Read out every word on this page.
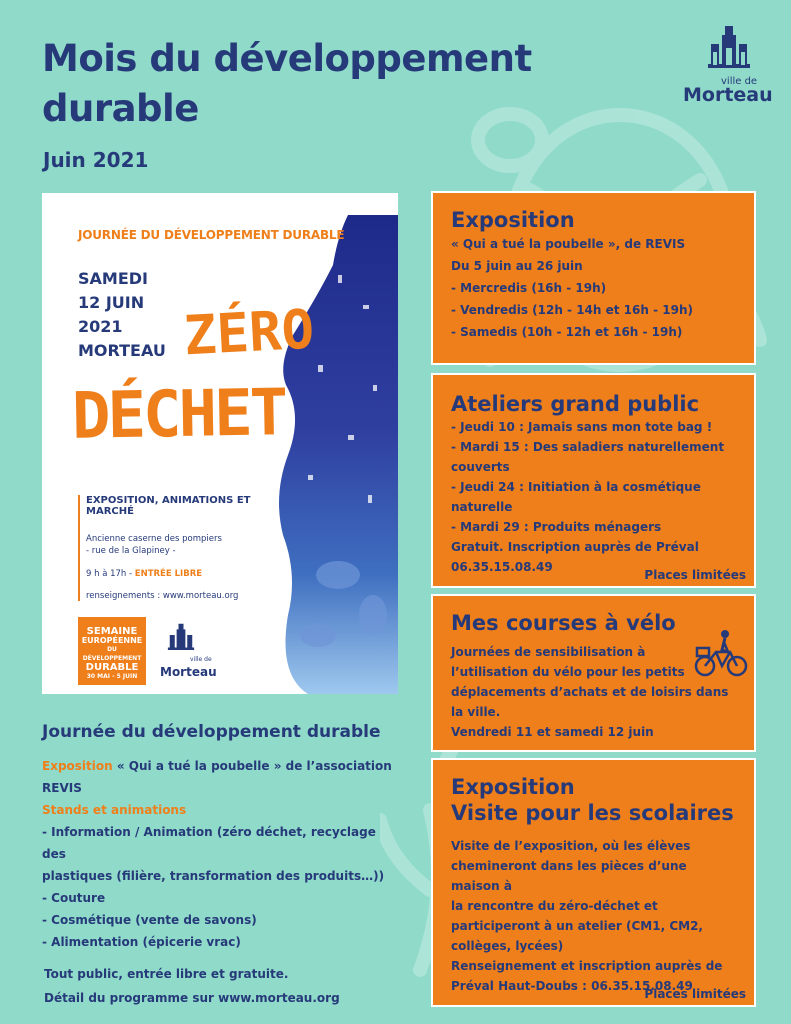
Mois du développement durable
Juin 2021
ville de
Morteau
JOURNÉE DU DÉVELOPPEMENT DURABLE
SAMEDI
12 JUIN
2021
MORTEAU ZÉRO
DÉCHET
EXPOSITION, ANIMATIONS ET MARCHÉ
Ancienne caserne des pompiers
- rue de la Glapiney -
9 h à 17h - ENTRÉE LIBRE
renseignements : www.morteau.org
SEMAINE
EUROPÉENNE
DU DÉVELOPPEMENT
DURABLE
30 MAI - 5 JUIN
ville de
Morteau
Journée du développement durable
Exposition « Qui a tué la poubelle » de l’association
REVIS
Stands et animations
- Information / Animation (zéro déchet, recyclage des
plastiques (filière, transformation des produits…))
- Couture
- Cosmétique (vente de savons)
- Alimentation (épicerie vrac)
Tout public, entrée libre et gratuite.
Détail du programme sur www.morteau.org
Exposition
« Qui a tué la poubelle », de REVIS
Du 5 juin au 26 juin
- Mercredis (16h - 19h)
- Vendredis (12h - 14h et 16h - 19h)
- Samedis (10h - 12h et 16h - 19h)
Ateliers grand public
- Jeudi 10 : Jamais sans mon tote bag !
- Mardi 15 : Des saladiers naturellement
couverts
- Jeudi 24 : Initiation à la cosmétique
naturelle
- Mardi 29 : Produits ménagers
Gratuit. Inscription auprès de Préval
06.35.15.08.49
Places limitées
Mes courses à vélo
Journées de sensibilisation à
l’utilisation du vélo pour les petits
déplacements d’achats et de loisirs dans
la ville.
Vendredi 11 et samedi 12 juin
Exposition
Visite pour les scolaires
Visite de l’exposition, où les élèves
chemineront dans les pièces d’une maison à
la rencontre du zéro-déchet et
participeront à un atelier (CM1, CM2,
collèges, lycées)
Renseignement et inscription auprès de
Préval Haut-Doubs : 06.35.15.08.49
Places limitées
